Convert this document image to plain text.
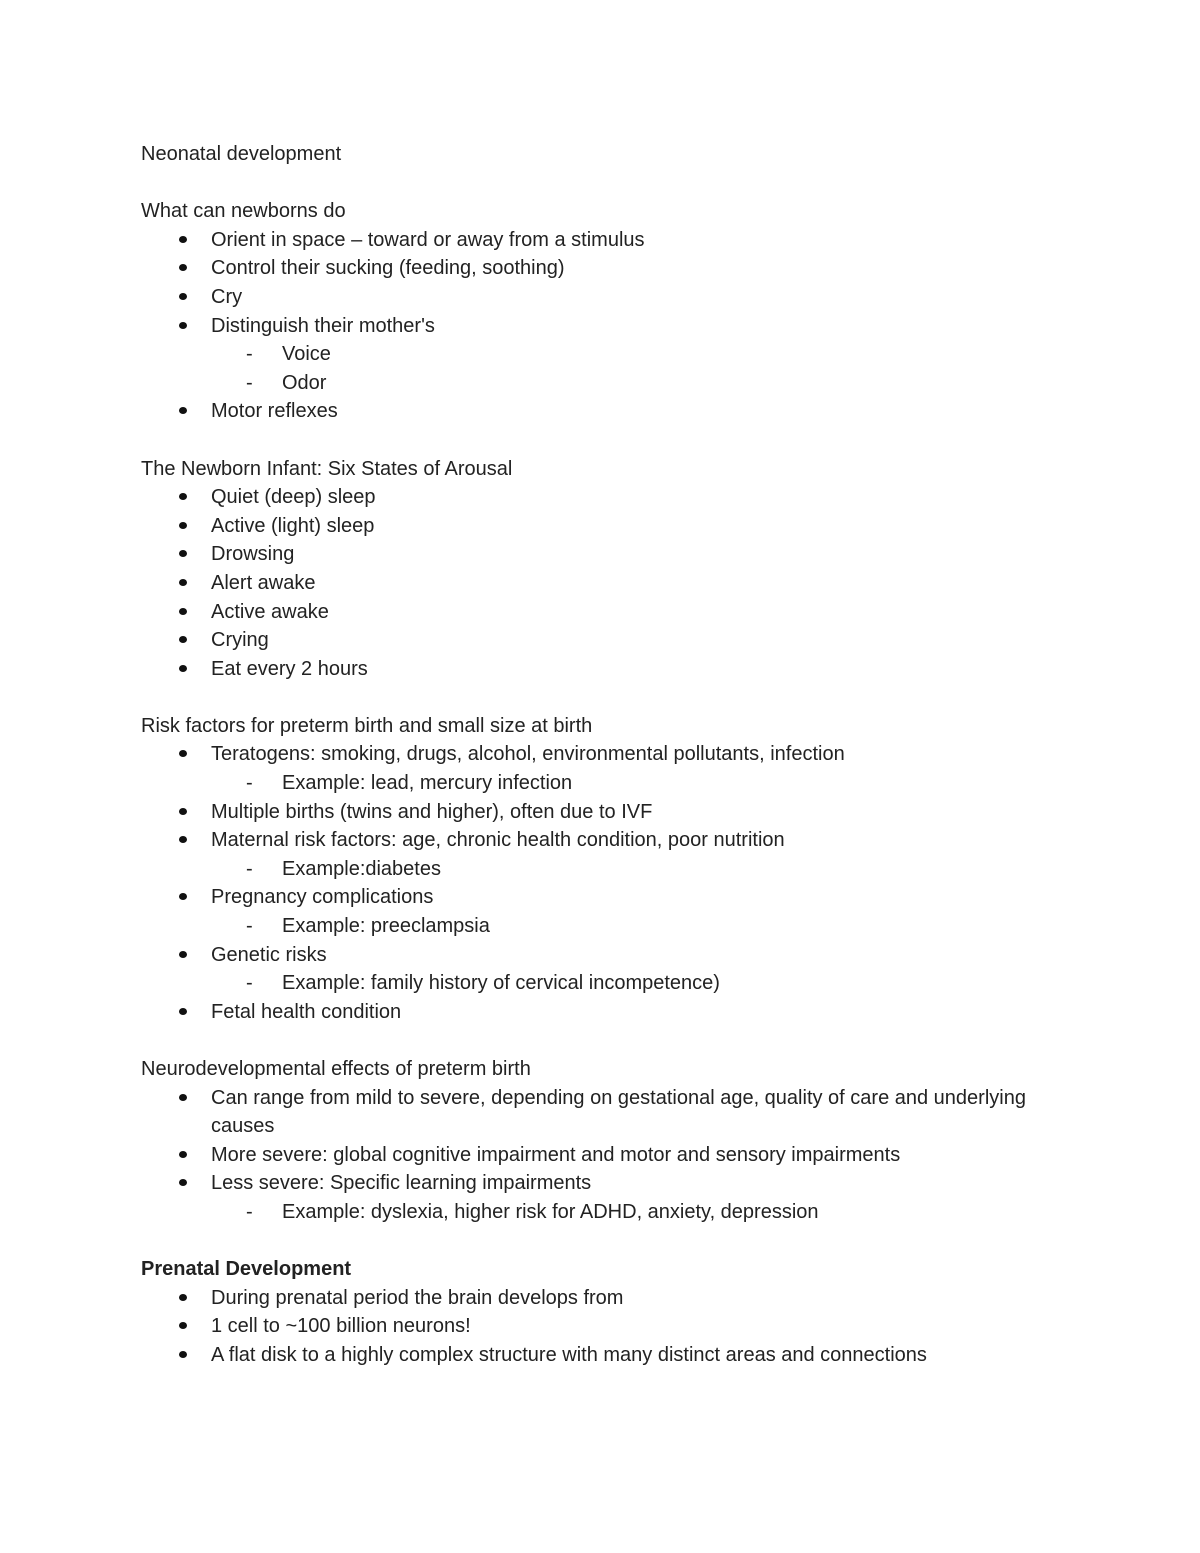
Neonatal development
What can newborns do
Orient in space – toward or away from a stimulus
Control their sucking (feeding, soothing)
Cry
Distinguish their mother's
- Voice
- Odor
Motor reflexes
The Newborn Infant: Six States of Arousal
Quiet (deep) sleep
Active (light) sleep
Drowsing
Alert awake
Active awake
Crying
Eat every 2 hours
Risk factors for preterm birth and small size at birth
Teratogens: smoking, drugs, alcohol, environmental pollutants, infection
- Example: lead, mercury infection
Multiple births (twins and higher), often due to IVF
Maternal risk factors: age, chronic health condition, poor nutrition
- Example:diabetes
Pregnancy complications
- Example: preeclampsia
Genetic risks
- Example: family history of cervical incompetence)
Fetal health condition
Neurodevelopmental effects of preterm birth
Can range from mild to severe, depending on gestational age, quality of care and underlying causes
More severe: global cognitive impairment and motor and sensory impairments
Less severe: Specific learning impairments
- Example: dyslexia, higher risk for ADHD, anxiety, depression
Prenatal Development
During prenatal period the brain develops from
1 cell to ~100 billion neurons!
A flat disk to a highly complex structure with many distinct areas and connections
